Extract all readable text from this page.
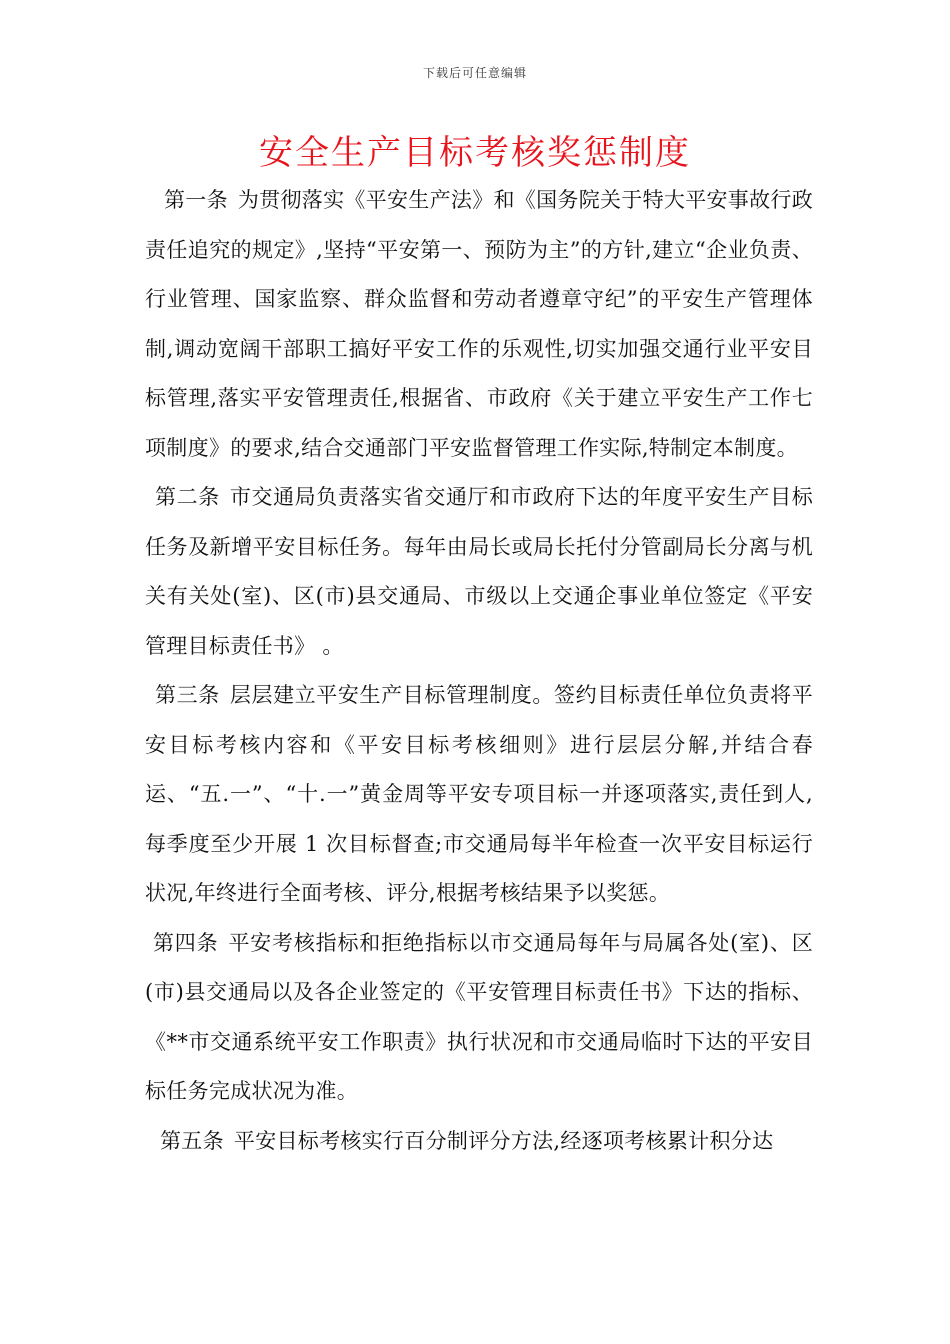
下载后可任意编辑
安全生产目标考核奖惩制度

第一条 为贯彻落实《平安生产法》和《国务院关于特大平安事故行政责任追究的规定》,坚持“平安第一、预防为主”的方针,建立“企业负责、行业管理、国家监察、群众监督和劳动者遵章守纪”的平安生产管理体制,调动宽阔干部职工搞好平安工作的乐观性,切实加强交通行业平安目标管理,落实平安管理责任,根据省、市政府《关于建立平安生产工作七项制度》的要求,结合交通部门平安监督管理工作实际,特制定本制度。

第二条 市交通局负责落实省交通厅和市政府下达的年度平安生产目标任务及新增平安目标任务。每年由局长或局长托付分管副局长分离与机关有关处(室)、区(市)县交通局、市级以上交通企事业单位签定《平安管理目标责任书》 。

第三条 层层建立平安生产目标管理制度。签约目标责任单位负责将平安目标考核内容和《平安目标考核细则》进行层层分解,并结合春运、“五.一”、“十.一”黄金周等平安专项目标一并逐项落实,责任到人,每季度至少开展 1 次目标督查;市交通局每半年检查一次平安目标运行状况,年终进行全面考核、评分,根据考核结果予以奖惩。

第四条 平安考核指标和拒绝指标以市交通局每年与局属各处(室)、区(市)县交通局以及各企业签定的《平安管理目标责任书》下达的指标、《**市交通系统平安工作职责》执行状况和市交通局临时下达的平安目标任务完成状况为准。

第五条 平安目标考核实行百分制评分方法,经逐项考核累计积分达
